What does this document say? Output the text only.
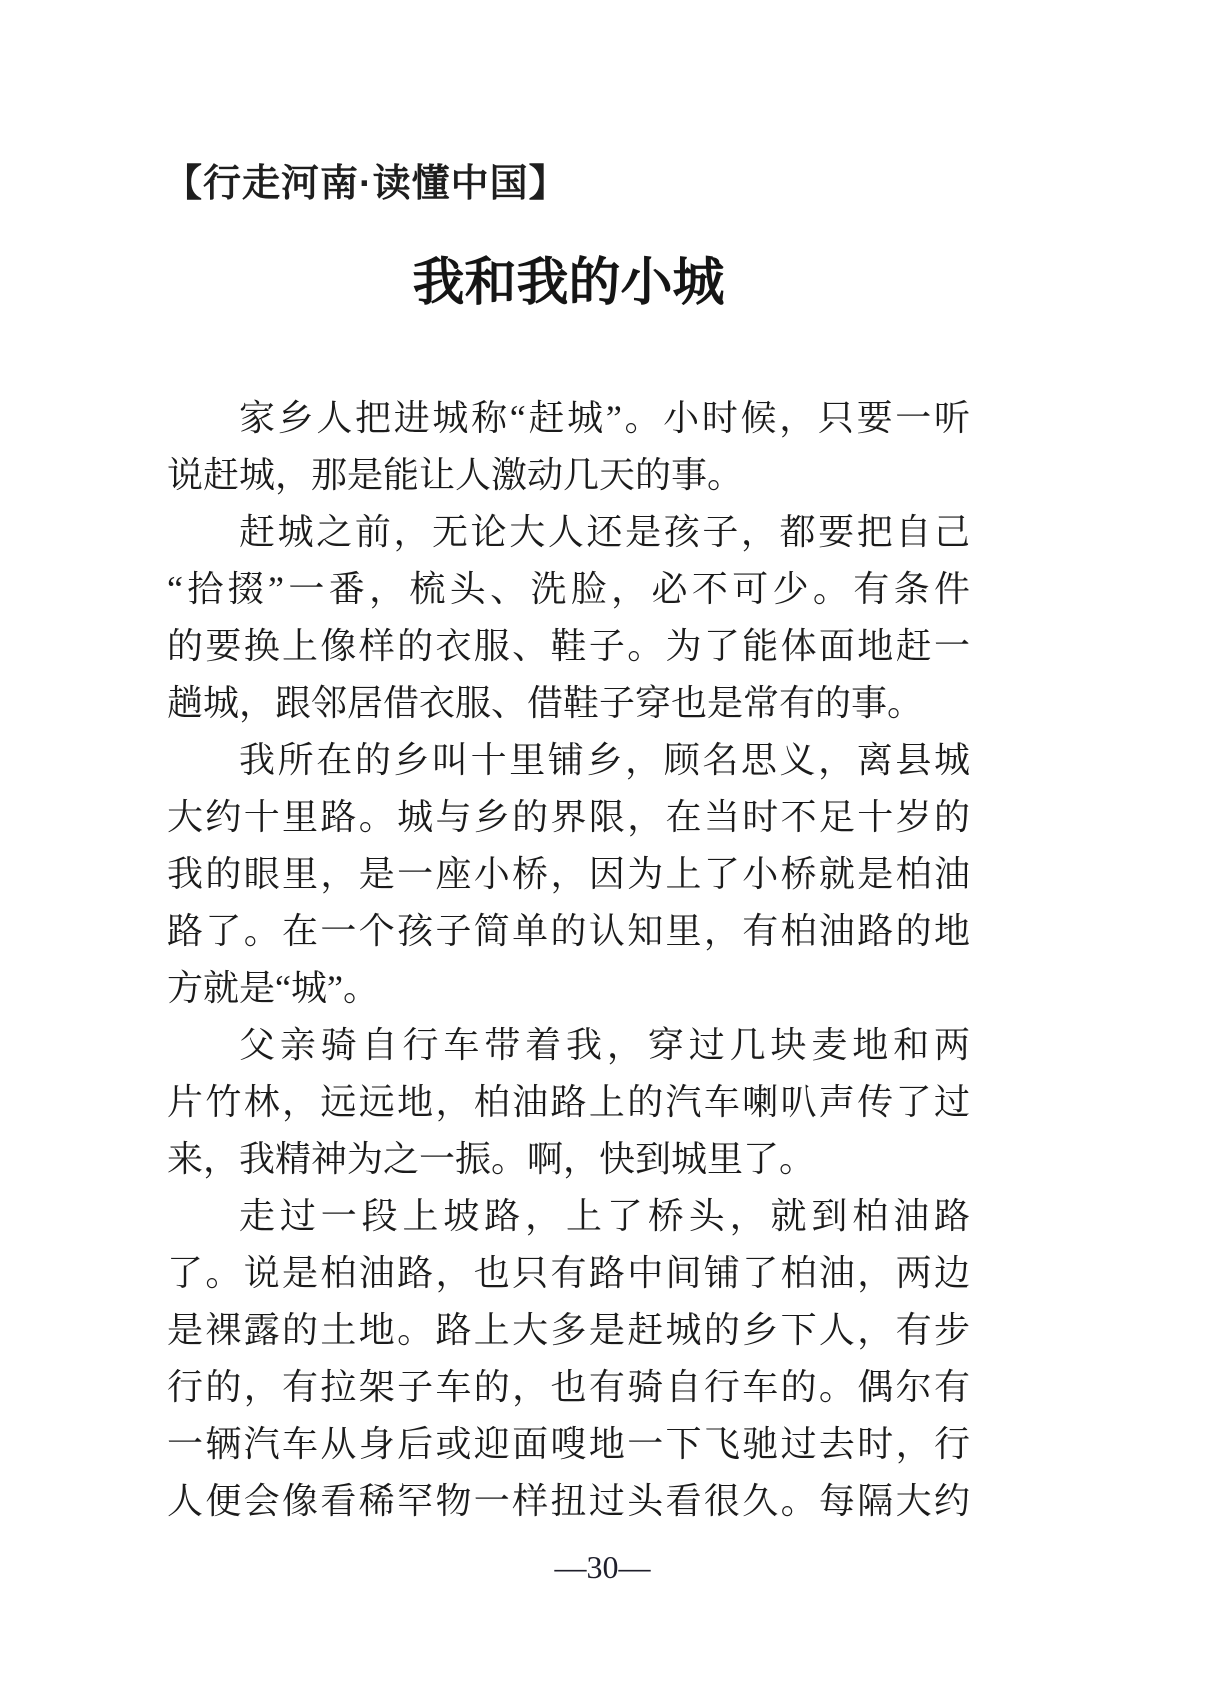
【行走河南·读懂中国】
我和我的小城
家乡人把进城称“赶城”。小时候，只要一听
说赶城，那是能让人激动几天的事。
赶城之前，无论大人还是孩子，都要把自己
“拾掇”一番，梳头、洗脸，必不可少。有条件
的要换上像样的衣服、鞋子。为了能体面地赶一
趟城，跟邻居借衣服、借鞋子穿也是常有的事。
我所在的乡叫十里铺乡，顾名思义，离县城
大约十里路。城与乡的界限，在当时不足十岁的
我的眼里，是一座小桥，因为上了小桥就是柏油
路了。在一个孩子简单的认知里，有柏油路的地
方就是“城”。
父亲骑自行车带着我，穿过几块麦地和两
片竹林，远远地，柏油路上的汽车喇叭声传了过
来，我精神为之一振。啊，快到城里了。
走过一段上坡路，上了桥头，就到柏油路
了。说是柏油路，也只有路中间铺了柏油，两边
是裸露的土地。路上大多是赶城的乡下人，有步
行的，有拉架子车的，也有骑自行车的。偶尔有
一辆汽车从身后或迎面嗖地一下飞驰过去时，行
人便会像看稀罕物一样扭过头看很久。每隔大约
—30—
